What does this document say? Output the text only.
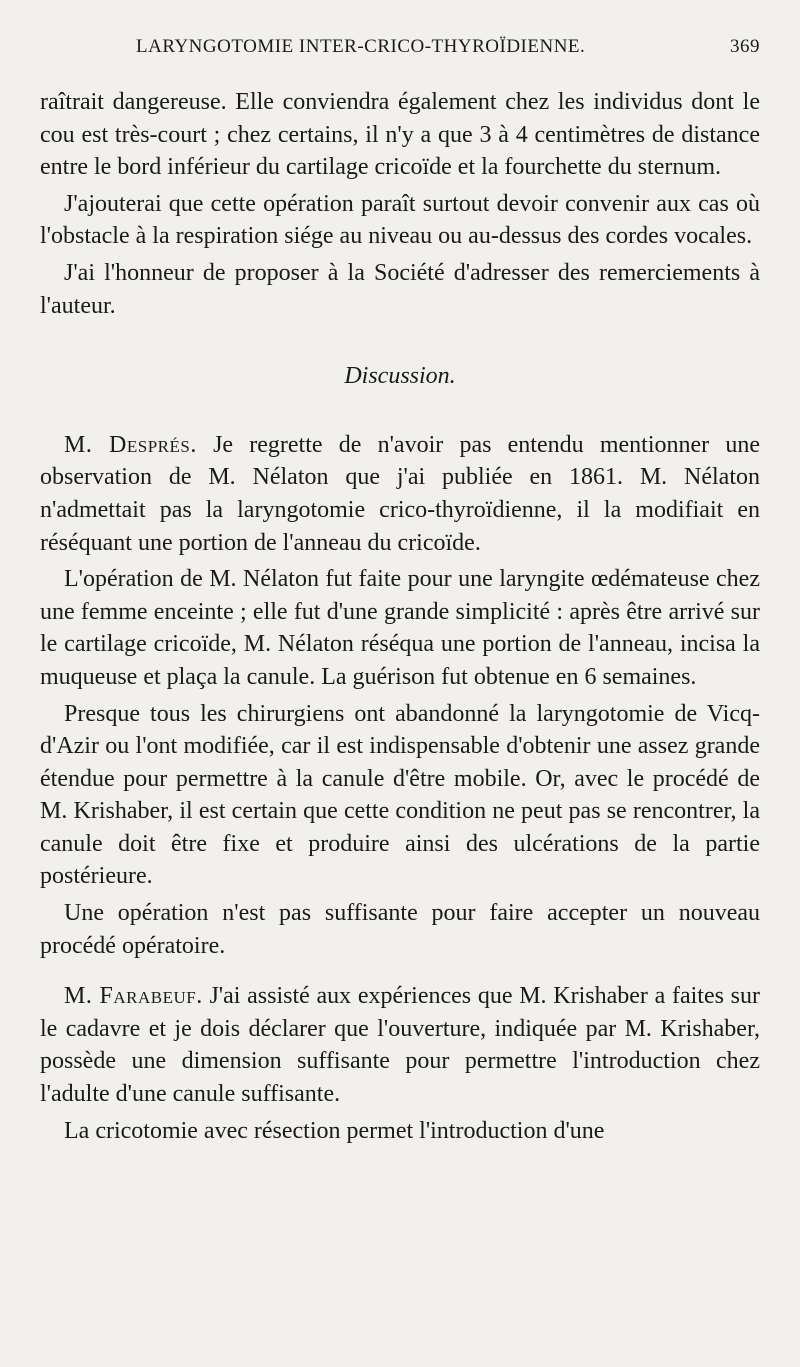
LARYNGOTOMIE INTER-CRICO-THYROÏDIENNE.	369

raîtrait dangereuse. Elle conviendra également chez les individus dont le cou est très-court ; chez certains, il n'y a que 3 à 4 centimètres de distance entre le bord inférieur du cartilage cricoïde et la fourchette du sternum.

J'ajouterai que cette opération paraît surtout devoir convenir aux cas où l'obstacle à la respiration siége au niveau ou au-dessus des cordes vocales.

J'ai l'honneur de proposer à la Société d'adresser des remerciements à l'auteur.

Discussion.

M. Després. Je regrette de n'avoir pas entendu mentionner une observation de M. Nélaton que j'ai publiée en 1861. M. Nélaton n'admettait pas la laryngotomie crico-thyroïdienne, il la modifiait en réséquant une portion de l'anneau du cricoïde.

L'opération de M. Nélaton fut faite pour une laryngite œdémateuse chez une femme enceinte ; elle fut d'une grande simplicité : après être arrivé sur le cartilage cricoïde, M. Nélaton réséqua une portion de l'anneau, incisa la muqueuse et plaça la canule. La guérison fut obtenue en 6 semaines.

Presque tous les chirurgiens ont abandonné la laryngotomie de Vicq-d'Azir ou l'ont modifiée, car il est indispensable d'obtenir une assez grande étendue pour permettre à la canule d'être mobile. Or, avec le procédé de M. Krishaber, il est certain que cette condition ne peut pas se rencontrer, la canule doit être fixe et produire ainsi des ulcérations de la partie postérieure.

Une opération n'est pas suffisante pour faire accepter un nouveau procédé opératoire.

M. Farabeuf. J'ai assisté aux expériences que M. Krishaber a faites sur le cadavre et je dois déclarer que l'ouverture, indiquée par M. Krishaber, possède une dimension suffisante pour permettre l'introduction chez l'adulte d'une canule suffisante.

La cricotomie avec résection permet l'introduction d'une
